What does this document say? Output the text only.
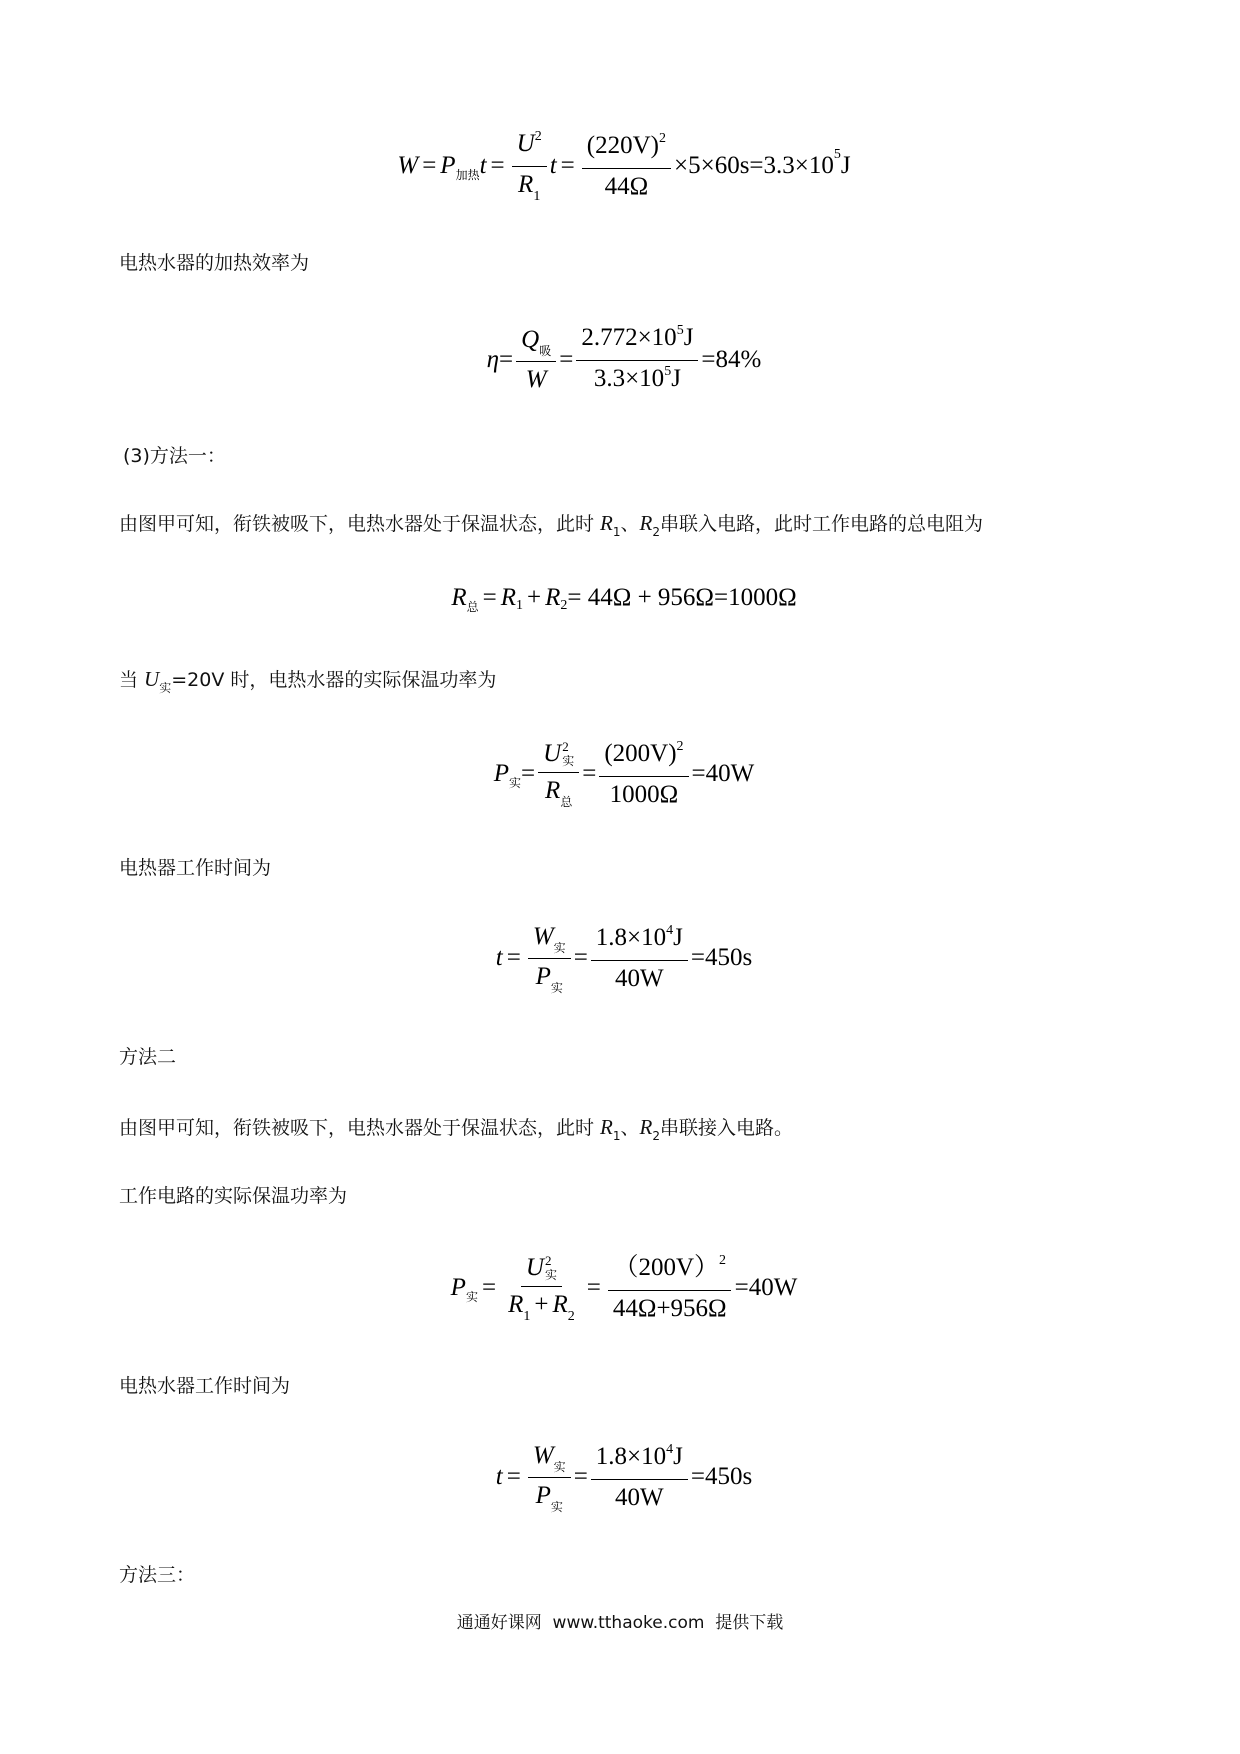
W = P 加热 $t = \frac{U^2}{R_1}$ $t = \frac{(220V)^2}{44\Omega} \times 5\times 60s=3.3\times 10$ 5 J
电热水器的加热效率为
$\eta = \frac{Q_吸}{W} = \frac{2.772\times 10^5J}{3.3\times 10^5J} =84\%$
(3)方法一：
由图甲可知，衔铁被吸下，电热水器处于保温状态，此时 $R_1$、$R_2$串联入电路，此时工作电路的总电阻为
R 总 = R 1 + R 2 = 44Ω + 956Ω=1000Ω
当 $U_实=20V$ 时，电热水器的实际保温功率为
P 实 = U 2
实
$R_总 = \frac{(200V)^2}{1000\Omega} =40W$
电热器工作时间为
$t = \frac{W_实}{P_实} = \frac{1.8\times 10^4J}{40W} =450s$
方法二
由图甲可知，衔铁被吸下，电热水器处于保温状态，此时 $R_1$、$R_2$串联接入电路。
工作电路的实际保温功率为
P 实 = U 2
实
$R_1 + R_2 = \frac{(200V)^2}{44\Omega+956\Omega} =40W$
电热水器工作时间为
$t = \frac{W_实}{P_实} = \frac{1.8\times 10^4J}{40W} =450s$
方法三：
通通好课网  www.tthaoke.com  提供下载
